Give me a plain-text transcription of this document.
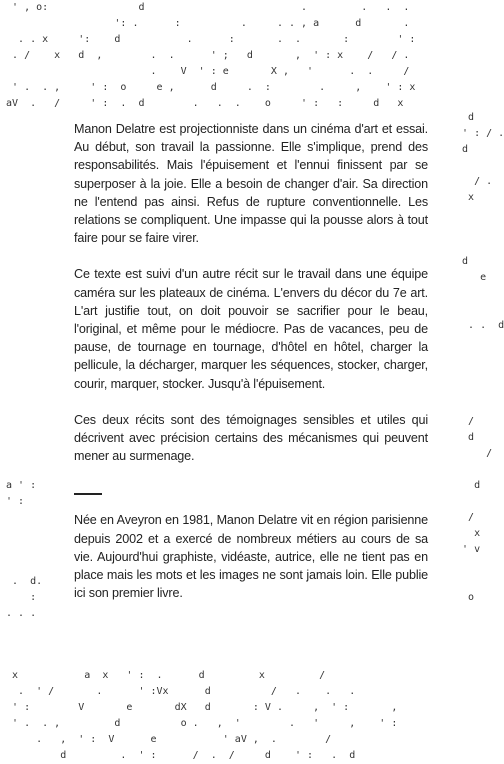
' , o:               d                          .         .   .  .
': .      :          .     . . , a      d       .
. . x     ':    d           .      :       .  .       :        ' :
. /    x   d  ,        .  .      ' ;   d       ,  ' : x    /   / .
.    V  ' : e       X ,   '      .  .     /
' .  . ,     ' :  o     e ,      d     .  :        .     ,    ' : x
aV  .   /     ' :  .  d        .   .  .    o     ' :   :     d   x

a ' :
' :

.  d.
:
. . .
d
' : / .
d

/ .
x

d
e

. .  d

/
d
/

d

/
x
' v

o

Manon Delatre est projectionniste dans un cinéma d'art et essai. Au début, son travail la passionne. Elle s'implique, prend des responsabilités. Mais l'épuisement et l'ennui finissent par se superposer à la joie. Elle a besoin de changer d'air. Sa direction ne l'entend pas ainsi. Refus de rupture conventionnelle. Les relations se compliquent. Une impasse qui la pousse alors à tout faire pour se faire virer.

Ce texte est suivi d'un autre récit sur le travail dans une équipe caméra sur les plateaux de cinéma. L'envers du décor du 7e art. L'art justifie tout, on doit pouvoir se sacrifier pour le beau, l'original, et même pour le médiocre. Pas de vacances, peu de pause, de tournage en tournage, d'hôtel en hôtel, charger la pellicule, la décharger, marquer les séquences, stocker, charger, courir, marquer, stocker. Jusqu'à l'épuisement.

Ces deux récits sont des témoignages sensibles et utiles qui décrivent avec précision certains des mécanismes qui peuvent mener au surmenage.

Née en Aveyron en 1981, Manon Delatre vit en région parisienne depuis 2002 et a exercé de nombreux métiers au cours de sa vie. Aujourd'hui graphiste, vidéaste, autrice, elle ne tient pas en place mais les mots et les images ne sont jamais loin. Elle publie ici son premier livre.

x           a  x   ' :  .      d         x         /
.  ' /       .      ' :Vx      d          /   .    .   .
' :        V       e       dX   d       : V .     ,  ' :       ,
' .  . ,         d          o .   ,  '        .   '     ,    ' :
.   ,  ' :  V      e           ' aV ,  .        /
d         .  ' :      /  .  /     d    ' :   .  d
